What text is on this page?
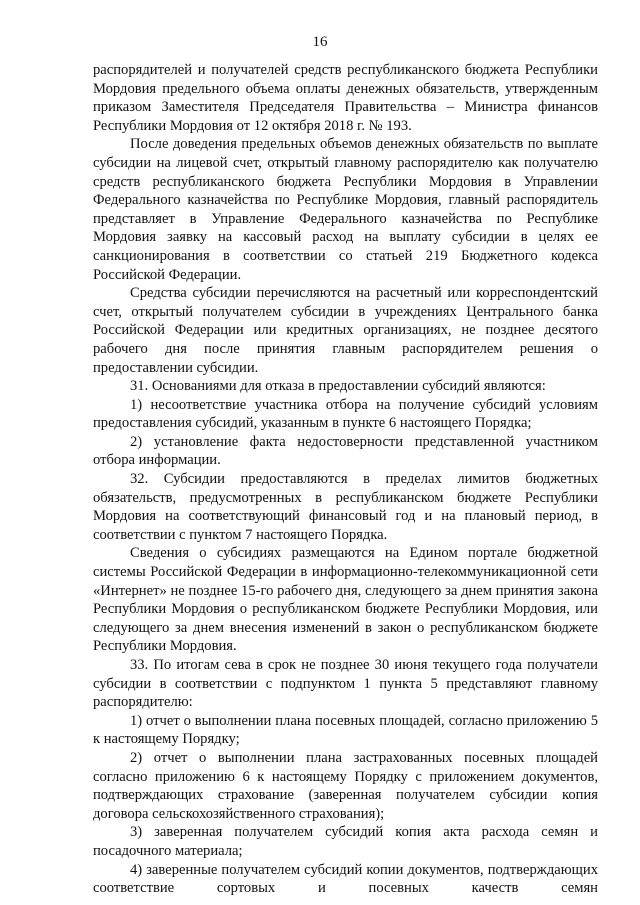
16

распорядителей и получателей средств республиканского бюджета Республики Мордовия предельного объема оплаты денежных обязательств, утвержденным приказом Заместителя Председателя Правительства – Министра финансов Республики Мордовия от 12 октября 2018 г. № 193.

После доведения предельных объемов денежных обязательств по выплате субсидии на лицевой счет, открытый главному распорядителю как получателю средств республиканского бюджета Республики Мордовия в Управлении Федерального казначейства по Республике Мордовия, главный распорядитель представляет в Управление Федерального казначейства по Республике Мордовия заявку на кассовый расход на выплату субсидии в целях ее санкционирования в соответствии со статьей 219 Бюджетного кодекса Российской Федерации.

Средства субсидии перечисляются на расчетный или корреспондентский счет, открытый получателем субсидии в учреждениях Центрального банка Российской Федерации или кредитных организациях, не позднее десятого рабочего дня после принятия главным распорядителем решения о предоставлении субсидии.

31. Основаниями для отказа в предоставлении субсидий являются:

1) несоответствие участника отбора на получение субсидий условиям предоставления субсидий, указанным в пункте 6 настоящего Порядка;

2) установление факта недостоверности представленной участником отбора информации.

32. Субсидии предоставляются в пределах лимитов бюджетных обязательств, предусмотренных в республиканском бюджете Республики Мордовия на соответствующий финансовый год и на плановый период, в соответствии с пунктом 7 настоящего Порядка.

Сведения о субсидиях размещаются на Едином портале бюджетной системы Российской Федерации в информационно-телекоммуникационной сети «Интернет» не позднее 15-го рабочего дня, следующего за днем принятия закона Республики Мордовия о республиканском бюджете Республики Мордовия, или следующего за днем внесения изменений в закон о республиканском бюджете Республики Мордовия.

33. По итогам сева в срок не позднее 30 июня текущего года получатели субсидии в соответствии с подпунктом 1 пункта 5 представляют главному распорядителю:

1) отчет о выполнении плана посевных площадей, согласно приложению 5 к настоящему Порядку;

2) отчет о выполнении плана застрахованных посевных площадей согласно приложению 6 к настоящему Порядку с приложением документов, подтверждающих страхование (заверенная получателем субсидии копия договора сельскохозяйственного страхования);

3) заверенная получателем субсидий копия акта расхода семян и посадочного материала;

4) заверенные получателем субсидий копии документов, подтверждающих соответствие сортовых и посевных качеств семян
